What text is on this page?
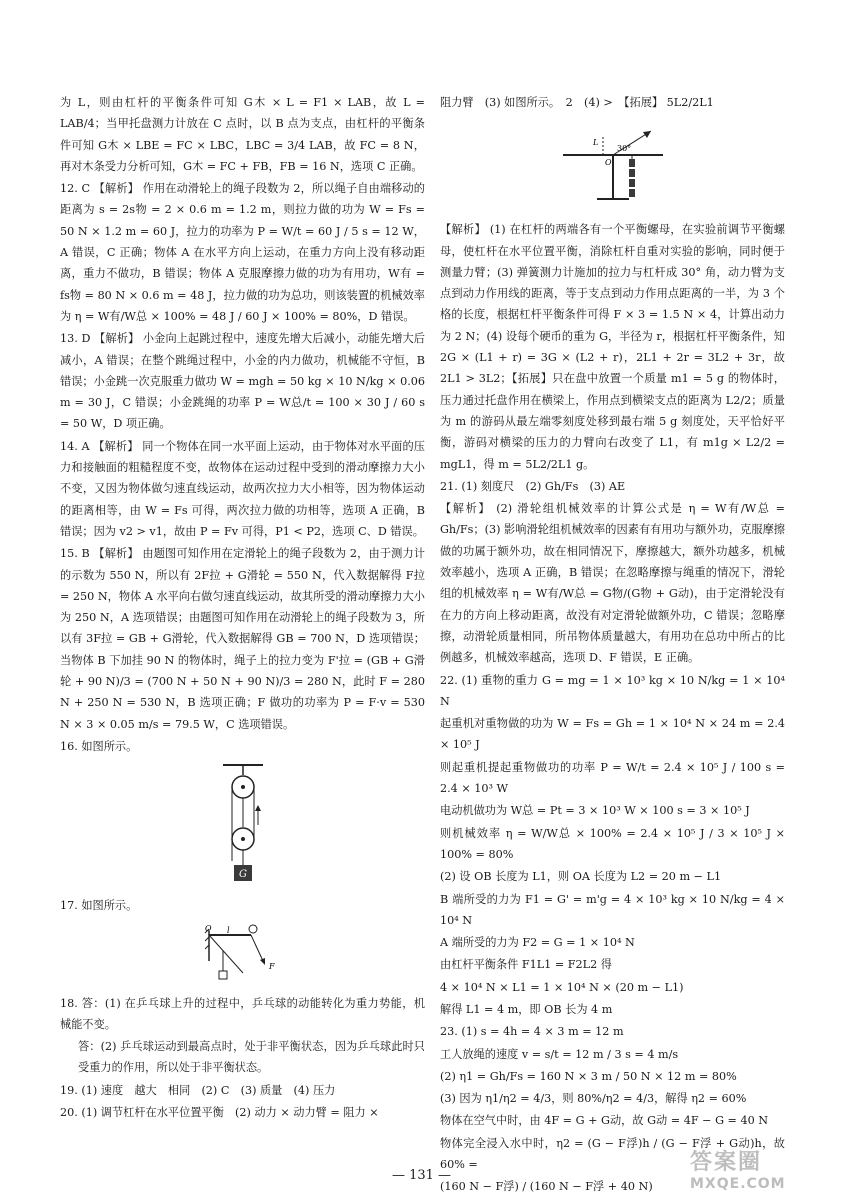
为 L，则由杠杆的平衡条件可知 G木 × L = F1 × LAB，故 L = LAB/4；当甲托盘测力计放在 C 点时，以 B 点为支点，由杠杆的平衡条件可知 G木 × LBE = FC × LBC，LBC = 3/4 LAB，故 FC = 8 N，再对木条受力分析可知，G木 = FC + FB，FB = 16 N，选项 C 正确。

12. C 【解析】 作用在动滑轮上的绳子段数为 2，所以绳子自由端移动的距离为 s = 2s物 = 2 × 0.6 m = 1.2 m，则拉力做的功为 W = Fs = 50 N × 1.2 m = 60 J，拉力的功率为 P = W/t = 60 J / 5 s = 12 W，A 错误，C 正确；物体 A 在水平方向上运动，在重力方向上没有移动距离，重力不做功，B 错误；物体 A 克服摩擦力做的功为有用功，W有 = fs物 = 80 N × 0.6 m = 48 J，拉力做的功为总功，则该装置的机械效率为 η = W有/W总 × 100% = 48 J / 60 J × 100% = 80%，D 错误。

13. D 【解析】 小金向上起跳过程中，速度先增大后减小，动能先增大后减小，A 错误；在整个跳绳过程中，小金的内力做功，机械能不守恒，B 错误；小金跳一次克服重力做功 W = mgh = 50 kg × 10 N/kg × 0.06 m = 30 J，C 错误；小金跳绳的功率 P = W总/t = 100 × 30 J / 60 s = 50 W，D 项正确。

14. A 【解析】 同一个物体在同一水平面上运动，由于物体对水平面的压力和接触面的粗糙程度不变，故物体在运动过程中受到的滑动摩擦力大小不变，又因为物体做匀速直线运动，故两次拉力大小相等，因为物体运动的距离相等，由 W = Fs 可得，两次拉力做的功相等，选项 A 正确，B 错误；因为 v2 > v1，故由 P = Fv 可得，P1 < P2，选项 C、D 错误。

15. B 【解析】 由题图可知作用在定滑轮上的绳子段数为 2，由于测力计的示数为 550 N，所以有 2F拉 + G滑轮 = 550 N，代入数据解得 F拉 = 250 N，物体 A 水平向右做匀速直线运动，故其所受的滑动摩擦力大小为 250 N，A 选项错误；由题图可知作用在动滑轮上的绳子段数为 3，所以有 3F拉 = GB + G滑轮，代入数据解得 GB = 700 N，D 选项错误；当物体 B 下加挂 90 N 的物体时，绳子上的拉力变为 F'拉 = (GB + G滑轮 + 90 N)/3 = (700 N + 50 N + 90 N)/3 = 280 N，此时 F = 280 N + 250 N = 530 N，B 选项正确；F 做功的功率为 P = F·v = 530 N × 3 × 0.05 m/s = 79.5 W，C 选项错误。

16. 如图所示。

G

17. 如图所示。

O l
F

18. 答：(1) 在乒乓球上升的过程中，乒乓球的动能转化为重力势能，机械能不变。

答：(2) 乒乓球运动到最高点时，处于非平衡状态，因为乒乓球此时只受重力的作用，所以处于非平衡状态。

19. (1) 速度　越大　相同　(2) C　(3) 质量　(4) 压力

20. (1) 调节杠杆在水平位置平衡　(2) 动力 × 动力臂 = 阻力 ×

阻力臂　(3) 如图所示。　2　(4) >　【拓展】 5L2/2L1

L
O
30°

【解析】 (1) 在杠杆的两端各有一个平衡螺母，在实验前调节平衡螺母，使杠杆在水平位置平衡，消除杠杆自重对实验的影响，同时便于测量力臂；(3) 弹簧测力计施加的拉力与杠杆成 30° 角，动力臂为支点到动力作用线的距离，等于支点到动力作用点距离的一半，为 3 个格的长度，根据杠杆平衡条件可得 F × 3 = 1.5 N × 4，计算出动力为 2 N；(4) 设每个硬币的重为 G，半径为 r，根据杠杆平衡条件，知 2G × (L1 + r) = 3G × (L2 + r)，2L1 + 2r = 3L2 + 3r，故 2L1 > 3L2；【拓展】只在盘中放置一个质量 m1 = 5 g 的物体时，压力通过托盘作用在横梁上，作用点到横梁支点的距离为 L2/2；质量为 m 的游码从最左端零刻度处移到最右端 5 g 刻度处，天平恰好平衡，游码对横梁的压力的力臂向右改变了 L1，有 m1g × L2/2 = mgL1，得 m = 5L2/2L1 g。

21. (1) 刻度尺　(2) Gh/Fs　(3) AE

【解析】 (2) 滑轮组机械效率的计算公式是 η = W有/W总 = Gh/Fs；(3) 影响滑轮组机械效率的因素有有用功与额外功，克服摩擦做的功属于额外功，故在相同情况下，摩擦越大，额外功越多，机械效率越小，选项 A 正确，B 错误；在忽略摩擦与绳重的情况下，滑轮组的机械效率 η = W有/W总 = G物/(G物 + G动)，由于定滑轮没有在力的方向上移动距离，故没有对定滑轮做额外功，C 错误；忽略摩擦，动滑轮质量相同，所吊物体质量越大，有用功在总功中所占的比例越多，机械效率越高，选项 D、F 错误，E 正确。

22. (1) 重物的重力 G = mg = 1 × 10³ kg × 10 N/kg = 1 × 10⁴ N

起重机对重物做的功为 W = Fs = Gh = 1 × 10⁴ N × 24 m = 2.4 × 10⁵ J

则起重机提起重物做功的功率 P = W/t = 2.4 × 10⁵ J / 100 s = 2.4 × 10³ W

电动机做功为 W总 = Pt = 3 × 10³ W × 100 s = 3 × 10⁵ J

则机械效率 η = W/W总 × 100% = 2.4 × 10⁵ J / 3 × 10⁵ J × 100% = 80%

(2) 设 OB 长度为 L1，则 OA 长度为 L2 = 20 m − L1

B 端所受的力为 F1 = G' = m'g = 4 × 10³ kg × 10 N/kg = 4 × 10⁴ N

A 端所受的力为 F2 = G = 1 × 10⁴ N

由杠杆平衡条件 F1L1 = F2L2 得

4 × 10⁴ N × L1 = 1 × 10⁴ N × (20 m − L1)

解得 L1 = 4 m，即 OB 长为 4 m

23. (1) s = 4h = 4 × 3 m = 12 m

工人放绳的速度 v = s/t = 12 m / 3 s = 4 m/s

(2) η1 = Gh/Fs = 160 N × 3 m / 50 N × 12 m = 80%

(3) 因为 η1/η2 = 4/3，则 80%/η2 = 4/3，解得 η2 = 60%

物体在空气中时，由 4F = G + G动，故 G动 = 4F − G = 40 N

物体完全浸入水中时，η2 = (G − F浮)h / (G − F浮 + G动)h，故 60% =

(160 N − F浮) / (160 N − F浮 + 40 N)

— 131 —
答案圈
MXQE.COM
